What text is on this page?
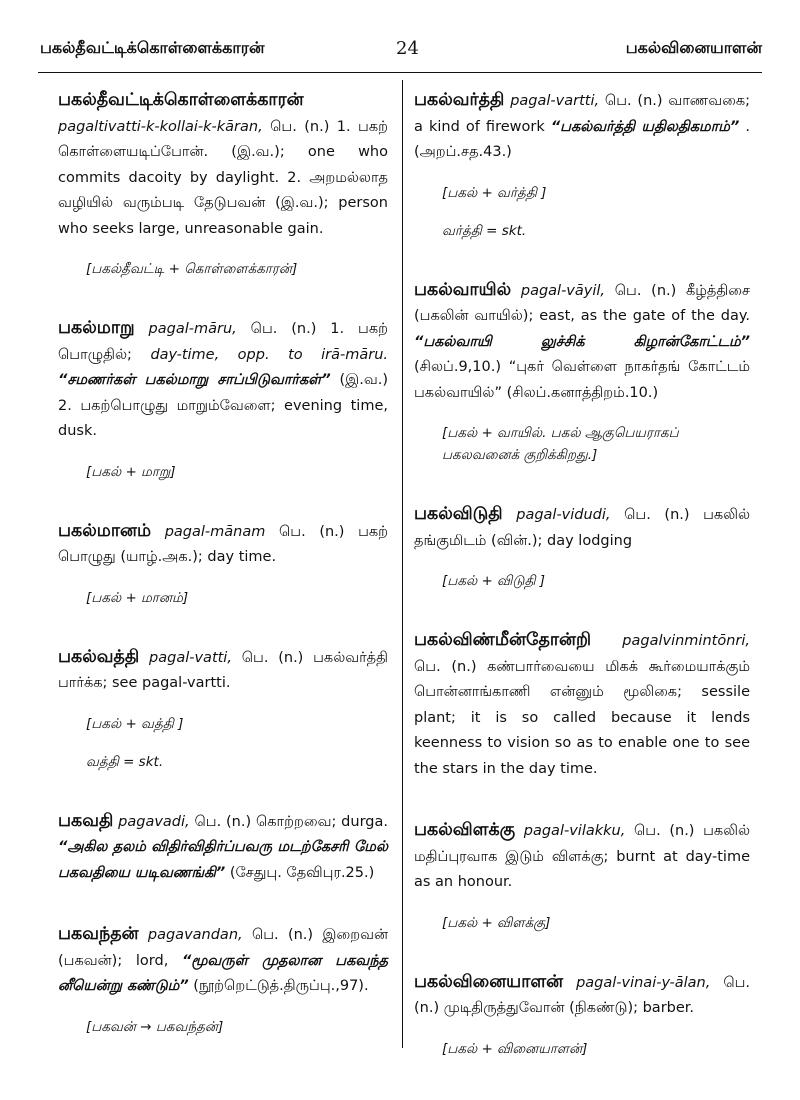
பகல்தீவட்டிக்கொள்ளைக்காரன்	24	பகல்வினையாளன்
பகல்தீவட்டிக்கொள்ளைக்காரன் pagaltivatti-k-kollai-k-kāran, பெ. (n.) 1. பகற் கொள்ளையடிப்போன். (இ.வ.); one who commits dacoity by daylight. 2. அறமல்லாத வழியில் வரும்படி தேடுபவன் (இ.வ.); person who seeks large, unreasonable gain.
[பகல்தீவட்டி + கொள்ளைக்காரன்]
பகல்மாறு pagal-māru, பெ. (n.) 1. பகற் பொழுதில்; day-time, opp. to irā-māru. “சமணர்கள் பகல்மாறு சாப்பிடுவார்கள்” (இ.வ.) 2. பகற்பொழுது மாறும்வேளை; evening time, dusk.
[பகல் + மாறு]
பகல்மானம் pagal-mānam பெ. (n.) பகற் பொழுது (யாழ்.அக.); day time.
[பகல் + மானம்]
பகல்வத்தி pagal-vatti, பெ. (n.) பகல்வர்த்தி பார்க்க; see pagal-vartti.
[பகல் + வத்தி ]
வத்தி = skt.
பகவதி pagavadi, பெ. (n.) கொற்றவை; durga. “அகில தலம் விதிர்விதிர்ப்பவரு மடற்கேசரி மேல் பகவதியை யடிவணங்கி” (சேதுபு. தேவிபுர.25.)
பகவந்தன் pagavandan, பெ. (n.) இறைவன் (பகவன்); lord, “மூவருள் முதலான பகவந்த னீயென்று கண்டும்” (நூற்றெட்டுத்.திருப்பு.,97).
[பகவன் → பகவந்தன்]
பகல்வர்த்தி pagal-vartti, பெ. (n.) வாணவகை; a kind of firework “பகல்வர்த்தி யதிலதிகமாம்” . (அறப்.சத.43.)
[பகல் + வர்த்தி ]
வர்த்தி = skt.
பகல்வாயில் pagal-vāyil, பெ. (n.) கீழ்த்திசை (பகலின் வாயில்); east, as the gate of the day. “பகல்வாயி லுச்சிக் கிழான்கோட்டம்” (சிலப்.9,10.) “புகர் வெள்ளை நாகர்தங் கோட்டம் பகல்வாயில்” (சிலப்.கனாத்திறம்.10.)
[பகல் + வாயில். பகல் ஆகுபெயராகப் பகலவனைக் குறிக்கிறது.]
பகல்விடுதி pagal-vidudi, பெ. (n.) பகலில் தங்குமிடம் (வின்.); day lodging
[பகல் + விடுதி ]
பகல்விண்மீன்தோன்றி pagalvinmintōnri, பெ. (n.) கண்பார்வையை மிகக் கூர்மையாக்கும் பொன்னாங்காணி என்னும் மூலிகை; sessile plant; it is so called because it lends keenness to vision so as to enable one to see the stars in the day time.
பகல்விளக்கு pagal-vilakku, பெ. (n.) பகலில் மதிப்புரவாக இடும் விளக்கு; burnt at day-time as an honour.
[பகல் + விளக்கு]
பகல்வினையாளன் pagal-vinai-y-ālan, பெ. (n.) முடிதிருத்துவோன் (நிகண்டு); barber.
[பகல் + வினையாளன்]
